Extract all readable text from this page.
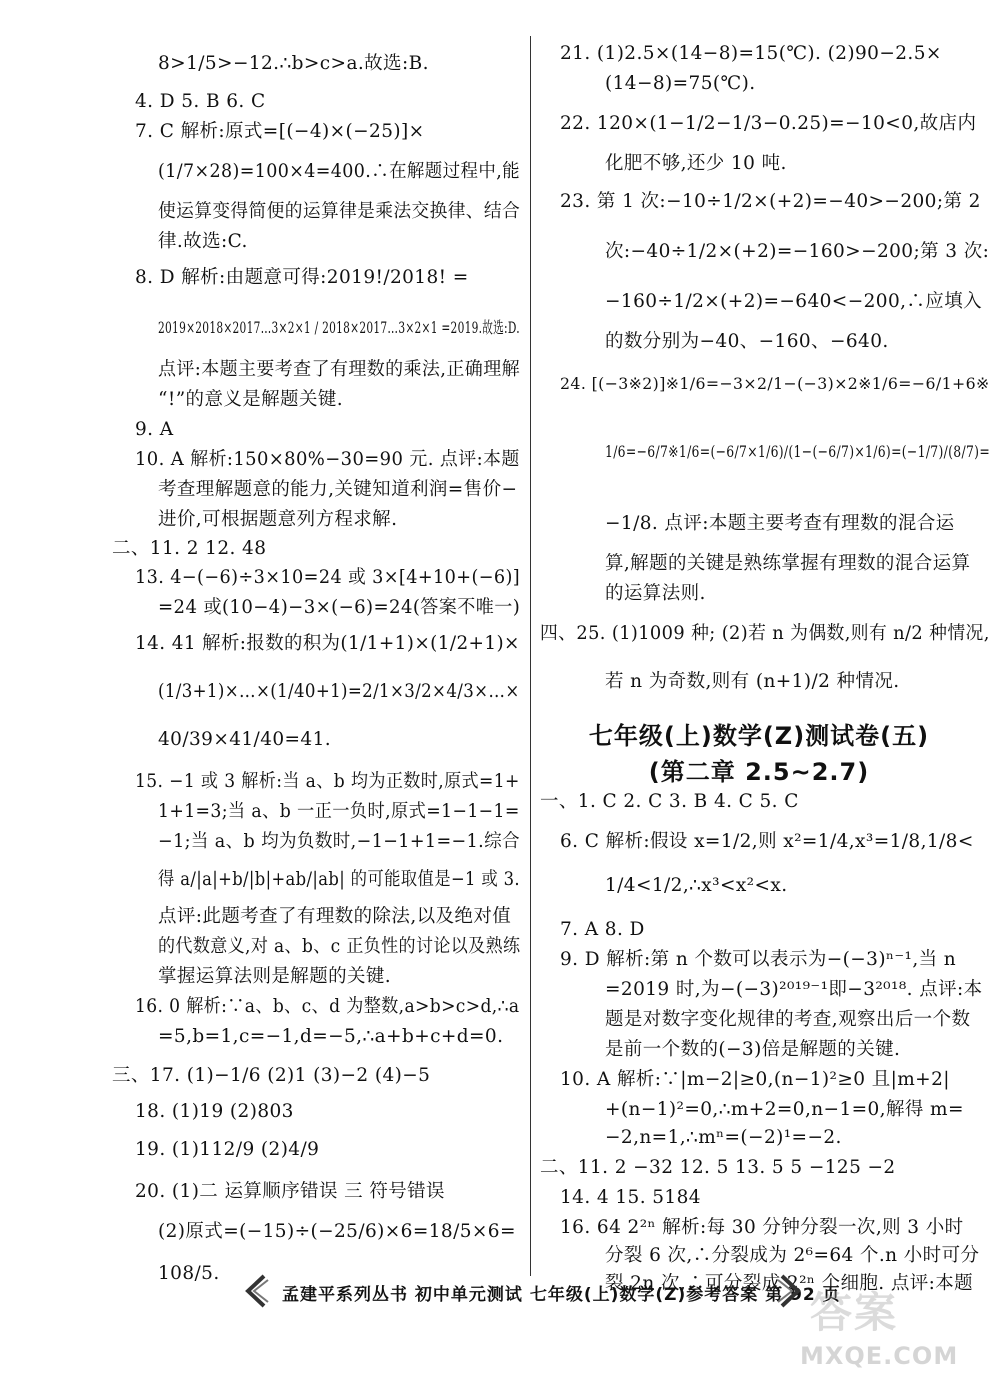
8>1/5>−12.∴b>c>a.故选:B.
4. D 5. B 6. C
7. C 解析:原式=[(−4)×(−25)]×
(1/7×28)=100×4=400.∴在解题过程中,能
使运算变得简便的运算律是乘法交换律、结合
律.故选:C.
8. D 解析:由题意可得:2019!/2018! =
2019×2018×2017…3×2×1 / 2018×2017…3×2×1 =2019.故选:D.
点评:本题主要考查了有理数的乘法,正确理解
“!”的意义是解题关键.
9. A
10. A 解析:150×80%−30=90 元. 点评:本题
考查理解题意的能力,关键知道利润=售价−
进价,可根据题意列方程求解.
二、11. 2 12. 48
13. 4−(−6)÷3×10=24 或 3×[4+10+(−6)]
=24 或(10−4)−3×(−6)=24(答案不唯一)
14. 41 解析:报数的积为(1/1+1)×(1/2+1)×
(1/3+1)×…×(1/40+1)=2/1×3/2×4/3×…×
40/39×41/40=41.
15. −1 或 3 解析:当 a、b 均为正数时,原式=1+
1+1=3;当 a、b 一正一负时,原式=1−1−1=
−1;当 a、b 均为负数时,−1−1+1=−1.综合
得 a/|a|+b/|b|+ab/|ab| 的可能取值是−1 或 3.
点评:此题考查了有理数的除法,以及绝对值
的代数意义,对 a、b、c 正负性的讨论以及熟练
掌握运算法则是解题的关键.
16. 0 解析:∵a、b、c、d 为整数,a>b>c>d,∴a
=5,b=1,c=−1,d=−5,∴a+b+c+d=0.
三、17. (1)−1/6 (2)1 (3)−2 (4)−5
18. (1)19 (2)803
19. (1)112/9 (2)4/9
20. (1)二 运算顺序错误 三 符号错误
(2)原式=(−15)÷(−25/6)×6=18/5×6=
108/5.
21. (1)2.5×(14−8)=15(℃). (2)90−2.5×
(14−8)=75(℃).
22. 120×(1−1/2−1/3−0.25)=−10<0,故店内
化肥不够,还少 10 吨.
23. 第 1 次:−10÷1/2×(+2)=−40>−200;第 2
次:−40÷1/2×(+2)=−160>−200;第 3 次:
−160÷1/2×(+2)=−640<−200,∴应填入
的数分别为−40、−160、−640.
24. [(−3※2)]※1/6=−3×2/1−(−3)×2※1/6=−6/1+6※
1/6=−6/7※1/6=(−6/7×1/6)/(1−(−6/7)×1/6)=(−1/7)/(8/7)=
−1/8. 点评:本题主要考查有理数的混合运
算,解题的关键是熟练掌握有理数的混合运算
的运算法则.
四、25. (1)1009 种; (2)若 n 为偶数,则有 n/2 种情况,
若 n 为奇数,则有 (n+1)/2 种情况.
七年级(上)数学(Z)测试卷(五)
(第二章 2.5~2.7)
一、1. C 2. C 3. B 4. C 5. C
6. C 解析:假设 x=1/2,则 x²=1/4,x³=1/8,1/8<
1/4<1/2,∴x³<x²<x.
7. A 8. D
9. D 解析:第 n 个数可以表示为−(−3)ⁿ⁻¹,当 n
=2019 时,为−(−3)²⁰¹⁹⁻¹即−3²⁰¹⁸. 点评:本
题是对数字变化规律的考查,观察出后一个数
是前一个数的(−3)倍是解题的关键.
10. A 解析:∵|m−2|≥0,(n−1)²≥0 且|m+2|
+(n−1)²=0,∴m+2=0,n−1=0,解得 m=
−2,n=1,∴mⁿ=(−2)¹=−2.
二、11. 2 −32 12. 5 13. 5 5 −125 −2
14. 4 15. 5184
16. 64 2²ⁿ 解析:每 30 分钟分裂一次,则 3 小时
分裂 6 次,∴分裂成为 2⁶=64 个.n 小时可分
裂 2n 次,∴可分裂成 2²ⁿ 个细胞. 点评:本题
孟建平系列丛书 初中单元测试 七年级(上)数学(Z)参考答案 第 92 页
答案
MXQE.COM
